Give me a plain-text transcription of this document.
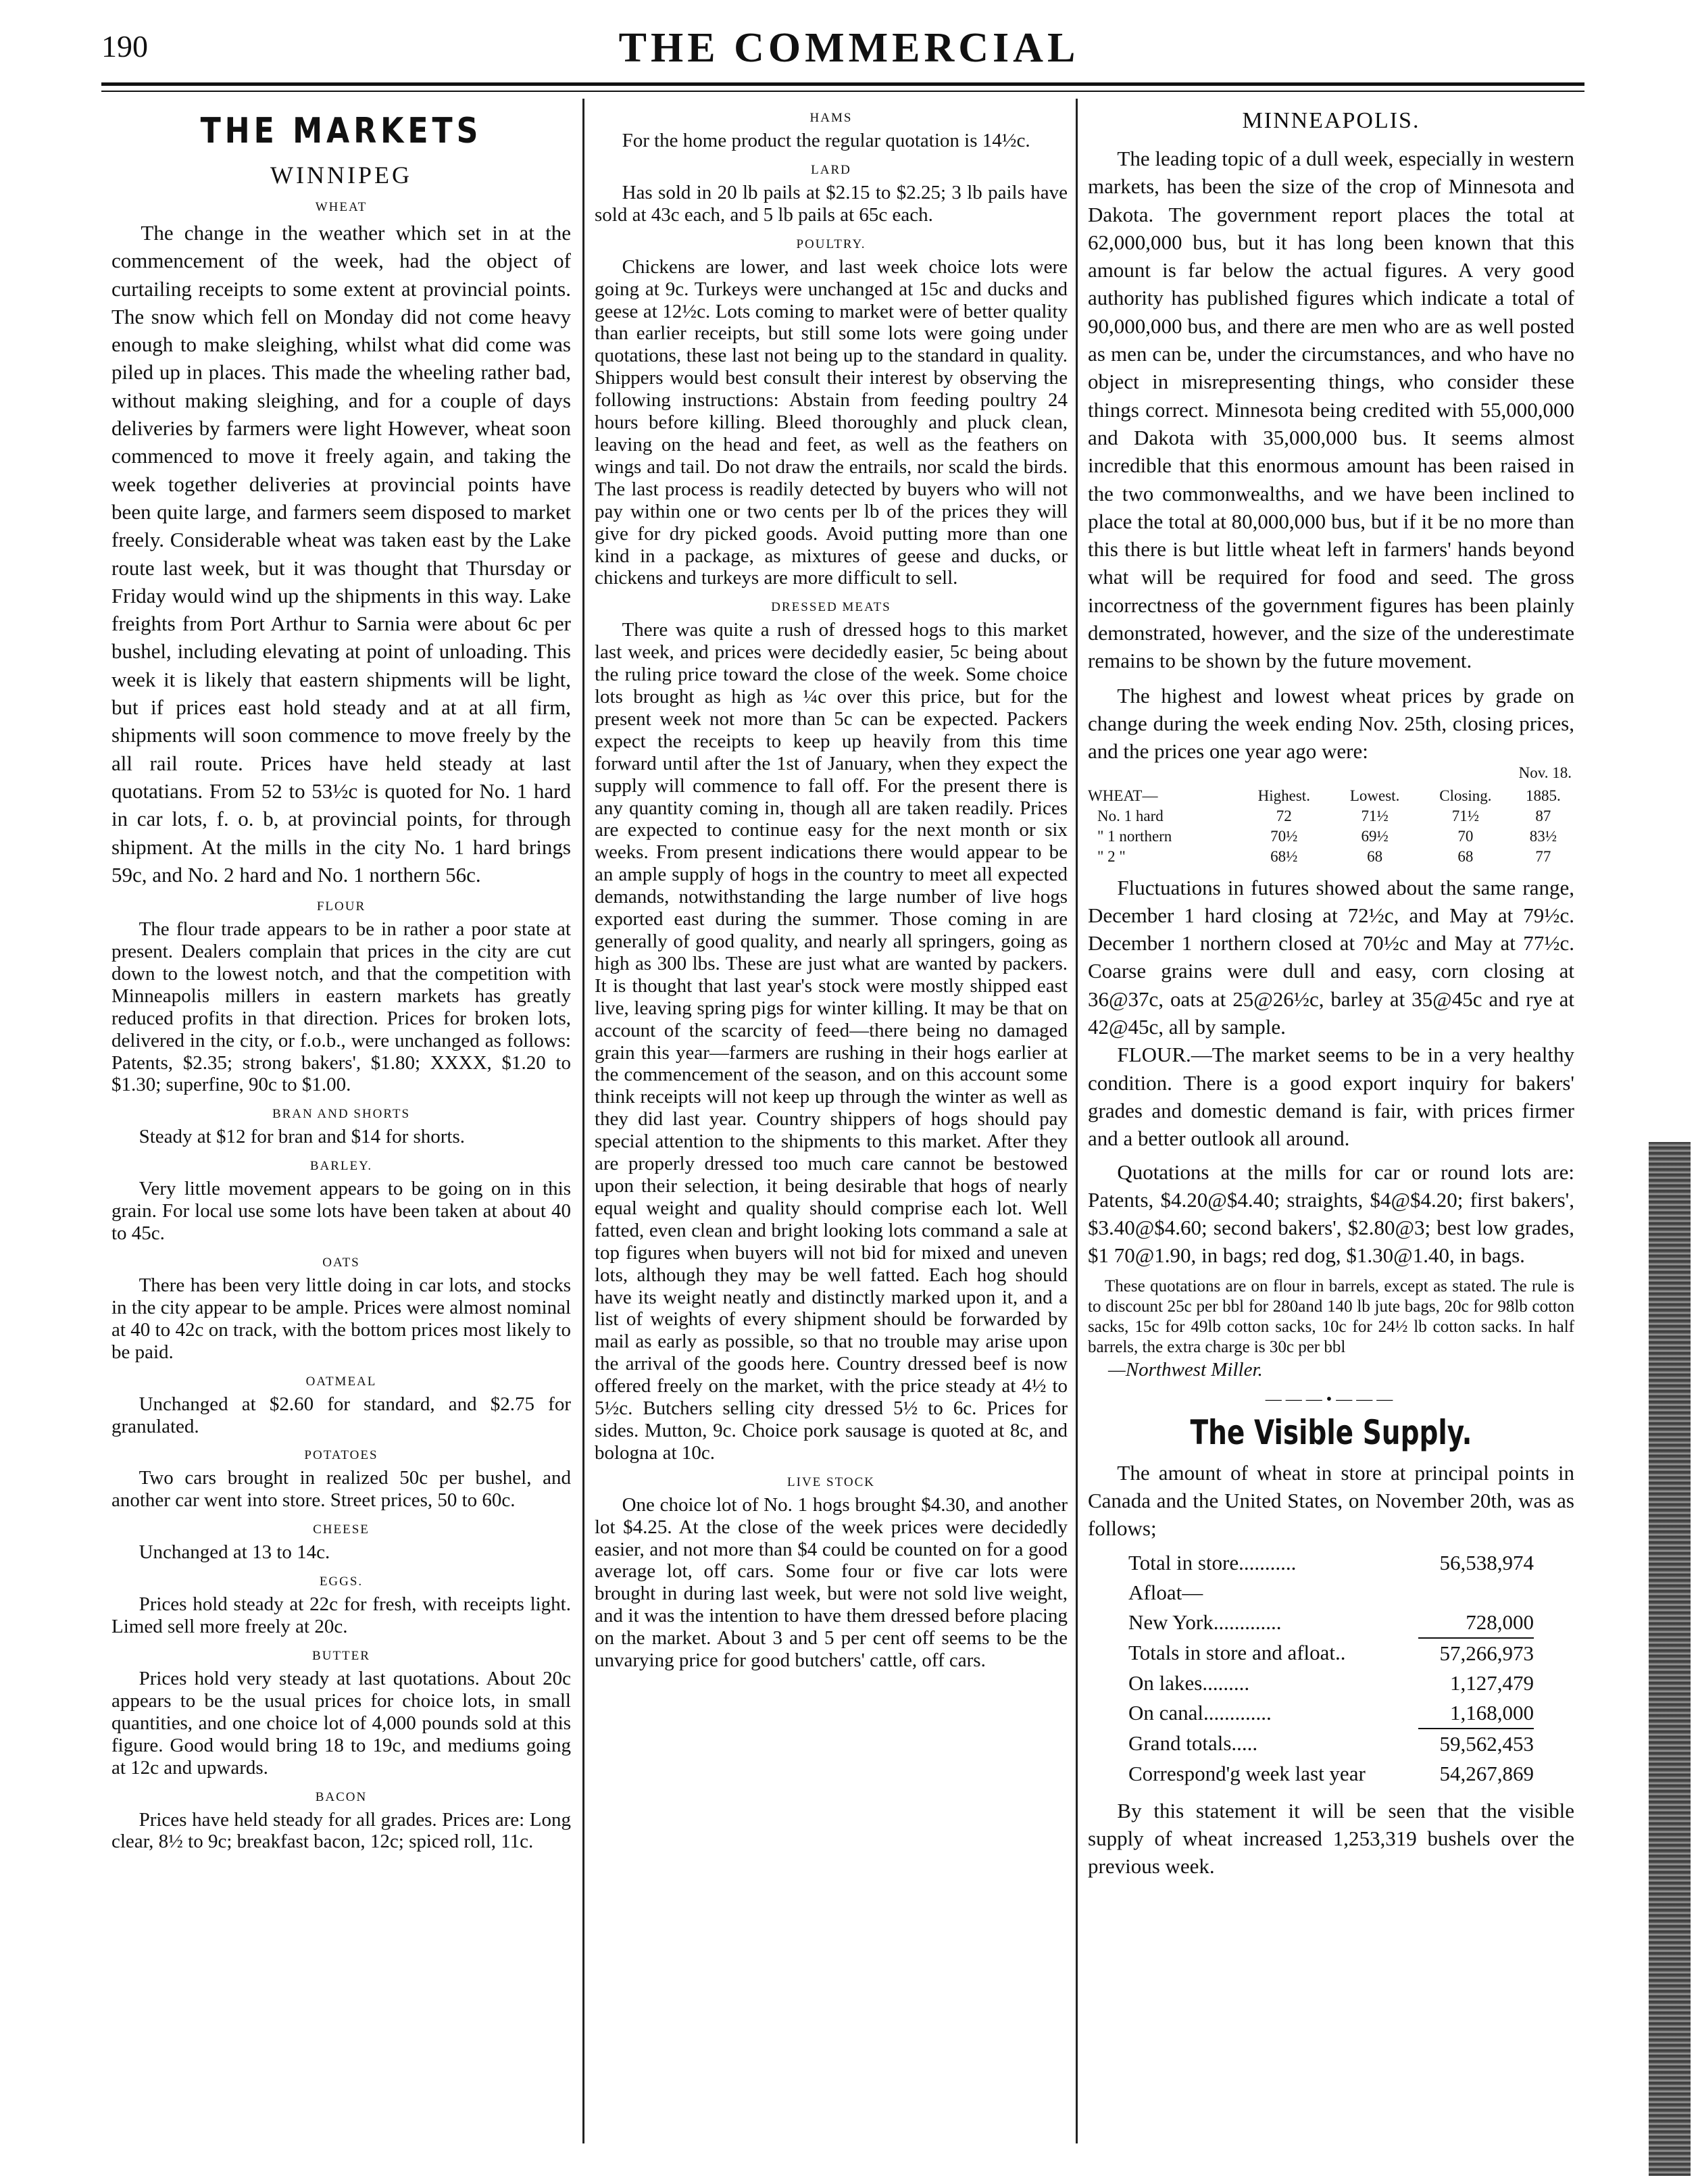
190	THE COMMERCIAL
THE MARKETS
WINNIPEG
WHEAT

The change in the weather which set in at the commencement of the week, had the object of curtailing receipts to some extent at provincial points. The snow which fell on Monday did not come heavy enough to make sleighing, whilst what did come was piled up in places. This made the wheeling rather bad, without making sleighing, and for a couple of days deliveries by farmers were light However, wheat soon commenced to move it freely again, and taking the week together deliveries at provincial points have been quite large, and farmers seem disposed to market freely. Considerable wheat was taken east by the Lake route last week, but it was thought that Thursday or Friday would wind up the shipments in this way. Lake freights from Port Arthur to Sarnia were about 6c per bushel, including elevating at point of unloading. This week it is likely that eastern shipments will be light, but if prices east hold steady and at at all firm, shipments will soon commence to move freely by the all rail route. Prices have held steady at last quotatians. From 52 to 53½c is quoted for No. 1 hard in car lots, f. o. b, at provincial points, for through shipment. At the mills in the city No. 1 hard brings 59c, and No. 2 hard and No. 1 northern 56c.

FLOUR

The flour trade appears to be in rather a poor state at present. Dealers complain that prices in the city are cut down to the lowest notch, and that the competition with Minneapolis millers in eastern markets has greatly reduced profits in that direction. Prices for broken lots, delivered in the city, or f.o.b., were unchanged as follows: Patents, $2.35; strong bakers', $1.80; XXXX, $1.20 to $1.30; superfine, 90c to $1.00.

BRAN AND SHORTS

Steady at $12 for bran and $14 for shorts.

BARLEY.

Very little movement appears to be going on in this grain. For local use some lots have been taken at about 40 to 45c.

OATS

There has been very little doing in car lots, and stocks in the city appear to be ample. Prices were almost nominal at 40 to 42c on track, with the bottom prices most likely to be paid.

OATMEAL

Unchanged at $2.60 for standard, and $2.75 for granulated.

POTATOES

Two cars brought in realized 50c per bushel, and another car went into store. Street prices, 50 to 60c.

CHEESE

Unchanged at 13 to 14c.

EGGS.

Prices hold steady at 22c for fresh, with receipts light. Limed sell more freely at 20c.

BUTTER

Prices hold very steady at last quotations. About 20c appears to be the usual prices for choice lots, in small quantities, and one choice lot of 4,000 pounds sold at this figure. Good would bring 18 to 19c, and mediums going at 12c and upwards.

BACON

Prices have held steady for all grades. Prices are: Long clear, 8½ to 9c; breakfast bacon, 12c; spiced roll, 11c.

HAMS

For the home product the regular quotation is 14½c.

LARD

Has sold in 20 lb pails at $2.15 to $2.25; 3 lb pails have sold at 43c each, and 5 lb pails at 65c each.

POULTRY.

Chickens are lower, and last week choice lots were going at 9c. Turkeys were unchanged at 15c and ducks and geese at 12½c. Lots coming to market were of better quality than earlier receipts, but still some lots were going under quotations, these last not being up to the standard in quality. Shippers would best consult their interest by observing the following instructions: Abstain from feeding poultry 24 hours before killing. Bleed thoroughly and pluck clean, leaving on the head and feet, as well as the feathers on wings and tail. Do not draw the entrails, nor scald the birds. The last process is readily detected by buyers who will not pay within one or two cents per lb of the prices they will give for dry picked goods. Avoid putting more than one kind in a package, as mixtures of geese and ducks, or chickens and turkeys are more difficult to sell.

DRESSED MEATS

There was quite a rush of dressed hogs to this market last week, and prices were decidedly easier, 5c being about the ruling price toward the close of the week. Some choice lots brought as high as ¼c over this price, but for the present week not more than 5c can be expected. Packers expect the receipts to keep up heavily from this time forward until after the 1st of January, when they expect the supply will commence to fall off. For the present there is any quantity coming in, though all are taken readily. Prices are expected to continue easy for the next month or six weeks. From present indications there would appear to be an ample supply of hogs in the country to meet all expected demands, notwithstanding the large number of live hogs exported east during the summer. Those coming in are generally of good quality, and nearly all springers, going as high as 300 lbs. These are just what are wanted by packers. It is thought that last year's stock were mostly shipped east live, leaving spring pigs for winter killing. It may be that on account of the scarcity of feed—there being no damaged grain this year—farmers are rushing in their hogs earlier at the commencement of the season, and on this account some think receipts will not keep up through the winter as well as they did last year. Country shippers of hogs should pay special attention to the shipments to this market. After they are properly dressed too much care cannot be bestowed upon their selection, it being desirable that hogs of nearly equal weight and quality should comprise each lot. Well fatted, even clean and bright looking lots command a sale at top figures when buyers will not bid for mixed and uneven lots, although they may be well fatted. Each hog should have its weight neatly and distinctly marked upon it, and a list of weights of every shipment should be forwarded by mail as early as possible, so that no trouble may arise upon the arrival of the goods here. Country dressed beef is now offered freely on the market, with the price steady at 4½ to 5½c. Butchers selling city dressed 5½ to 6c. Prices for sides. Mutton, 9c. Choice pork sausage is quoted at 8c, and bologna at 10c.

LIVE STOCK

One choice lot of No. 1 hogs brought $4.30, and another lot $4.25. At the close of the week prices were decidedly easier, and not more than $4 could be counted on for a good average lot, off cars. Some four or five car lots were brought in during last week, but were not sold live weight, and it was the intention to have them dressed before placing on the market. About 3 and 5 per cent off seems to be the unvarying price for good butchers' cattle, off cars.

MINNEAPOLIS.

The leading topic of a dull week, especially in western markets, has been the size of the crop of Minnesota and Dakota. The government report places the total at 62,000,000 bus, but it has long been known that this amount is far below the actual figures. A very good authority has published figures which indicate a total of 90,000,000 bus, and there are men who are as well posted as men can be, under the circumstances, and who have no object in misrepresenting things, who consider these things correct. Minnesota being credited with 55,000,000 and Dakota with 35,000,000 bus. It seems almost incredible that this enormous amount has been raised in the two commonwealths, and we have been inclined to place the total at 80,000,000 bus, but if it be no more than this there is but little wheat left in farmers' hands beyond what will be required for food and seed. The gross incorrectness of the government figures has been plainly demonstrated, however, and the size of the underestimate remains to be shown by the future movement.

The highest and lowest wheat prices by grade on change during the week ending Nov. 25th, closing prices, and the prices one year ago were:

Nov. 18.
WHEAT—	Highest.	Lowest.	Closing.	1885.
No. 1 hard	72	71½	71½	87
" 1 northern	70½	69½	70	83½
" 2 "	68½	68	68	77

Fluctuations in futures showed about the same range, December 1 hard closing at 72½c, and May at 79½c. December 1 northern closed at 70½c and May at 77½c. Coarse grains were dull and easy, corn closing at 36@37c, oats at 25@26½c, barley at 35@45c and rye at 42@45c, all by sample.

FLOUR.—The market seems to be in a very healthy condition. There is a good export inquiry for bakers' grades and domestic demand is fair, with prices firmer and a better outlook all around.

Quotations at the mills for car or round lots are: Patents, $4.20@$4.40; straights, $4@$4.20; first bakers', $3.40@$4.60; second bakers', $2.80@3; best low grades, $1 70@1.90, in bags; red dog, $1.30@1.40, in bags.

These quotations are on flour in barrels, except as stated. The rule is to discount 25c per bbl for 280and 140 lb jute bags, 20c for 98lb cotton sacks, 15c for 49lb cotton sacks, 10c for 24½ lb cotton sacks. In half barrels, the extra charge is 30c per bbl

—Northwest Miller.
———•———
The Visible Supply.

The amount of wheat in store at principal points in Canada and the United States, on November 20th, was as follows;

Total in store...........	56,538,974
Afloat—	
New York.............	728,000
Totals in store and afloat..	57,266,973
On lakes.........	1,127,479
On canal.............	1,168,000
Grand totals.....	59,562,453
Correspond'g week last year	54,267,869

By this statement it will be seen that the visible supply of wheat increased 1,253,319 bushels over the previous week.
